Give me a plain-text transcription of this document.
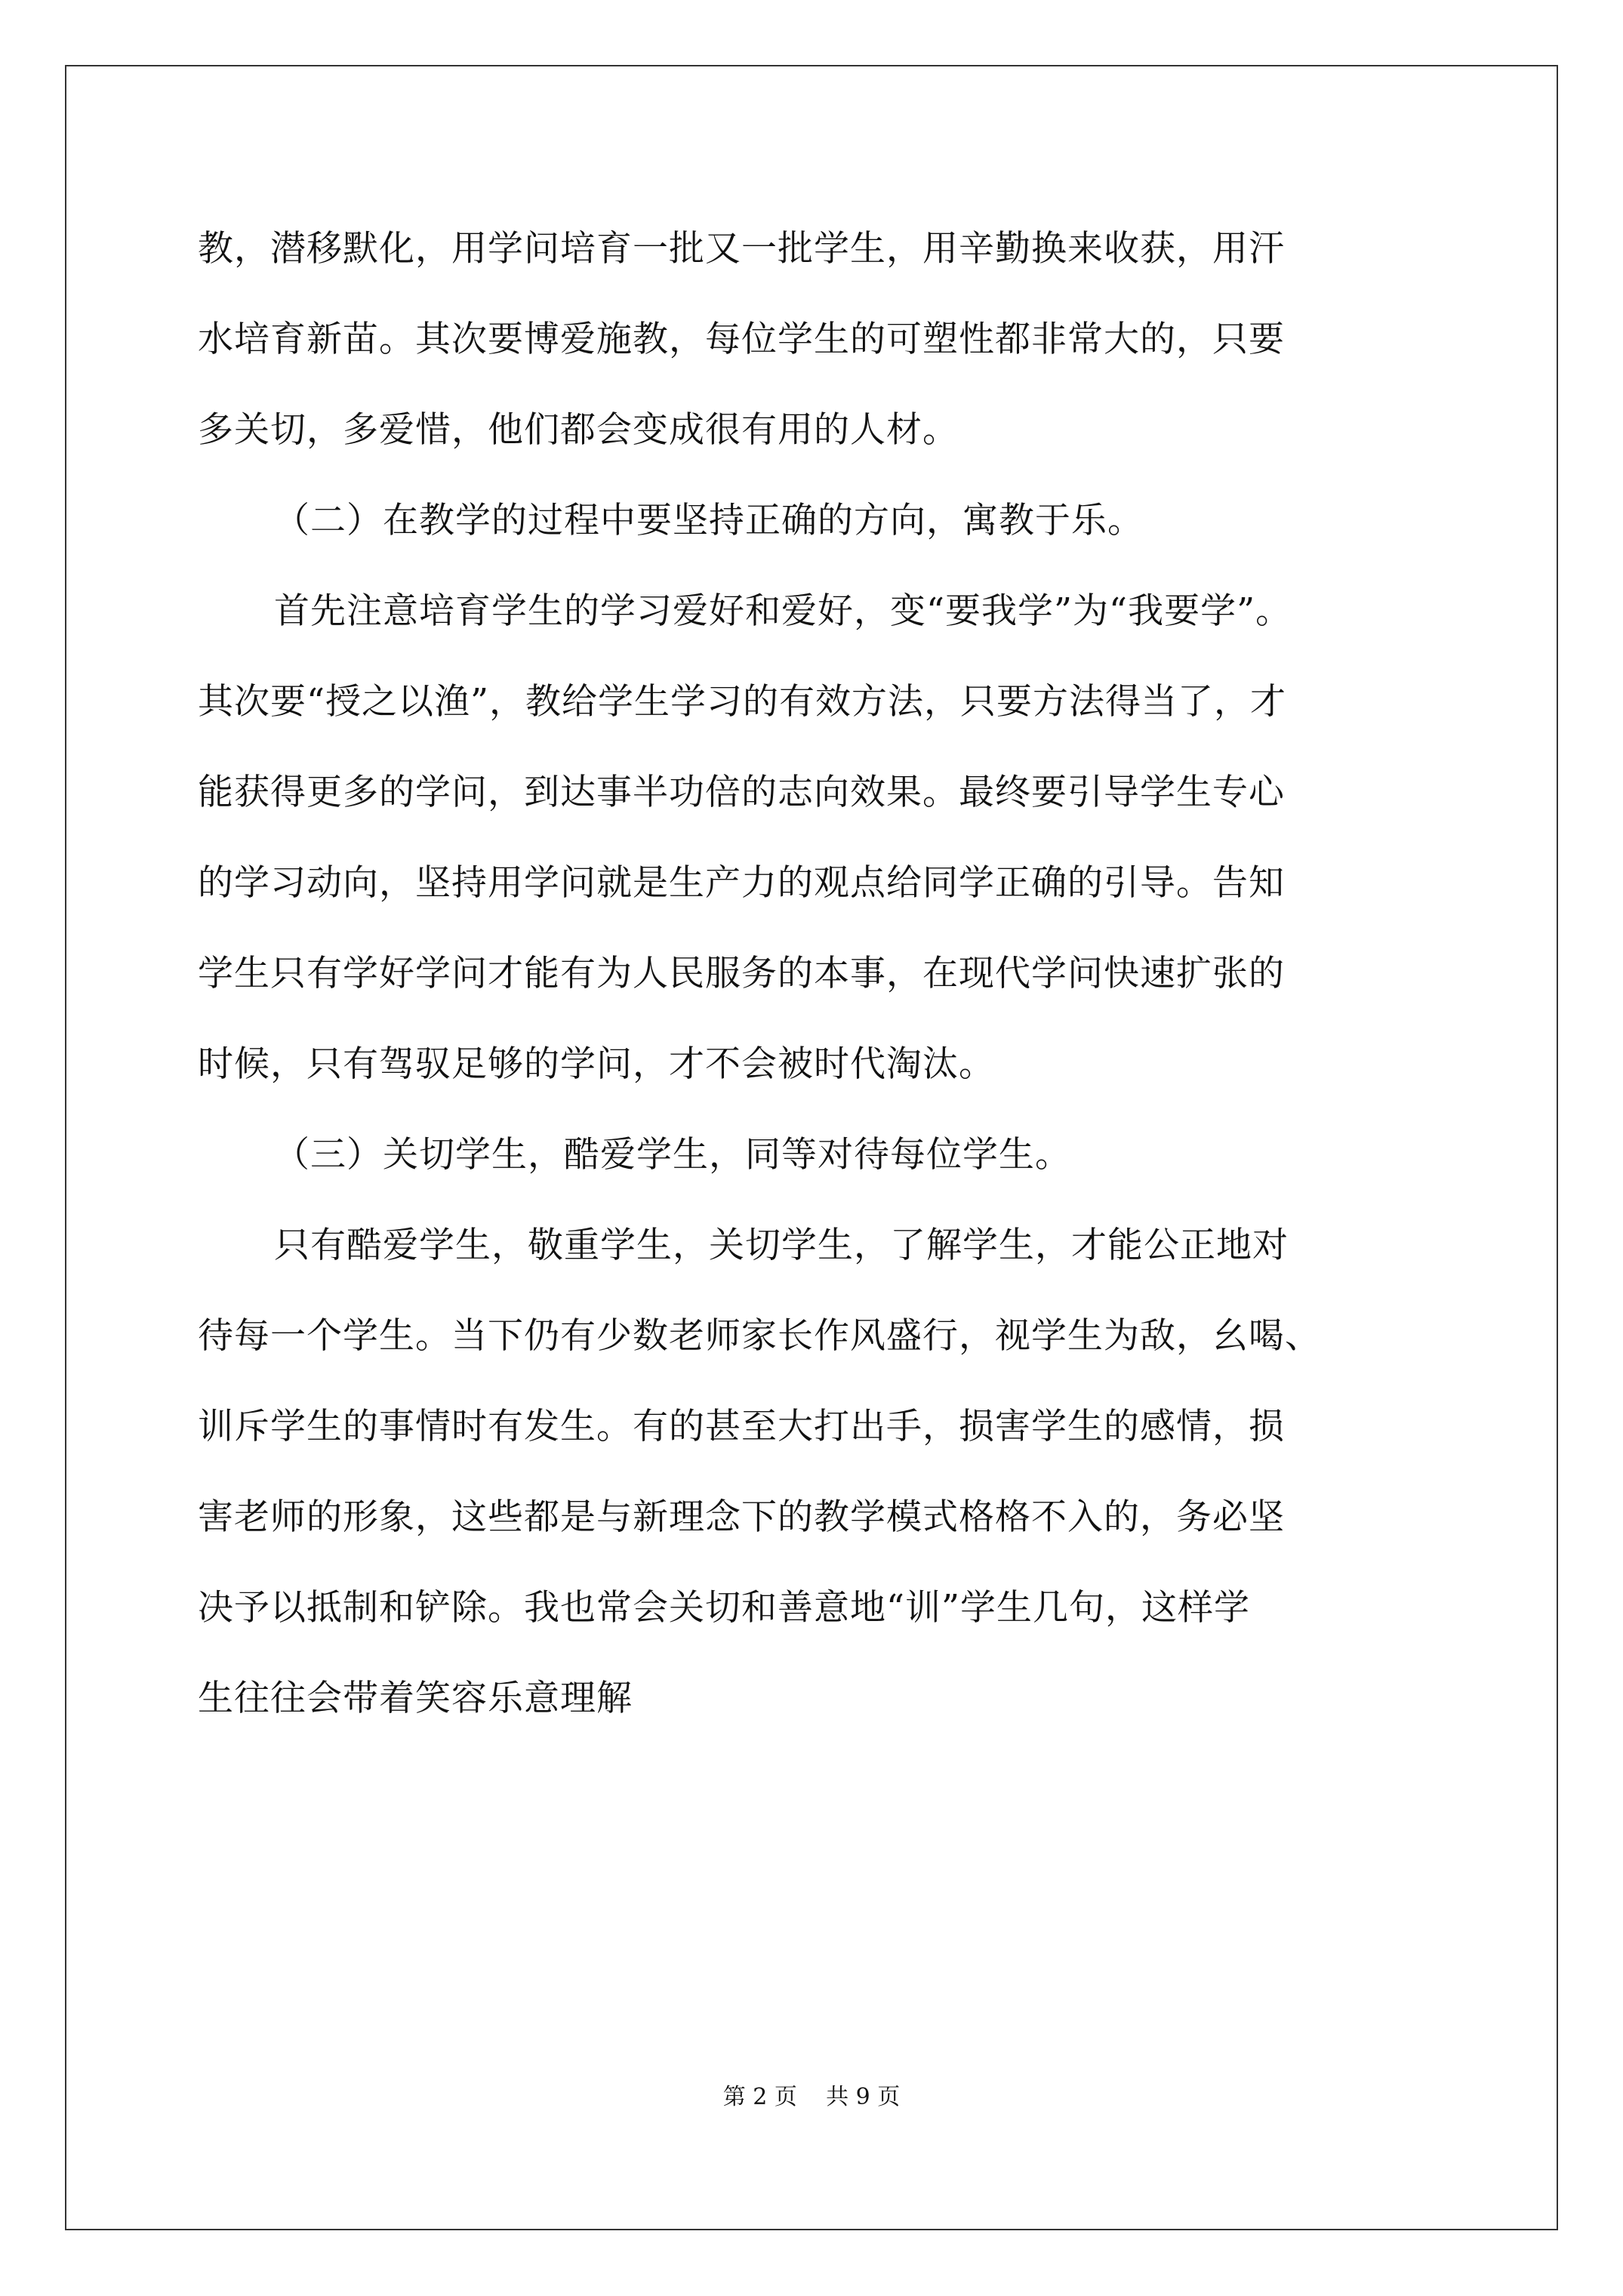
教，潜移默化，用学问培育一批又一批学生，用辛勤换来收获，用汗
水培育新苗。其次要博爱施教，每位学生的可塑性都非常大的，只要
多关切，多爱惜，他们都会变成很有用的人材。
（二）在教学的过程中要坚持正确的方向，寓教于乐。
首先注意培育学生的学习爱好和爱好，变“要我学”为“我要学”。
其次要“授之以渔”，教给学生学习的有效方法，只要方法得当了，才
能获得更多的学问，到达事半功倍的志向效果。最终要引导学生专心
的学习动向，坚持用学问就是生产力的观点给同学正确的引导。告知
学生只有学好学问才能有为人民服务的本事，在现代学问快速扩张的
时候，只有驾驭足够的学问，才不会被时代淘汰。
（三）关切学生，酷爱学生，同等对待每位学生。
只有酷爱学生，敬重学生，关切学生，了解学生，才能公正地对
待每一个学生。当下仍有少数老师家长作风盛行，视学生为敌，幺喝、
训斥学生的事情时有发生。有的甚至大打出手，损害学生的感情，损
害老师的形象，这些都是与新理念下的教学模式格格不入的，务必坚
决予以抵制和铲除。我也常会关切和善意地“训”学生几句，这样学
生往往会带着笑容乐意理解
第 2 页    共 9 页
